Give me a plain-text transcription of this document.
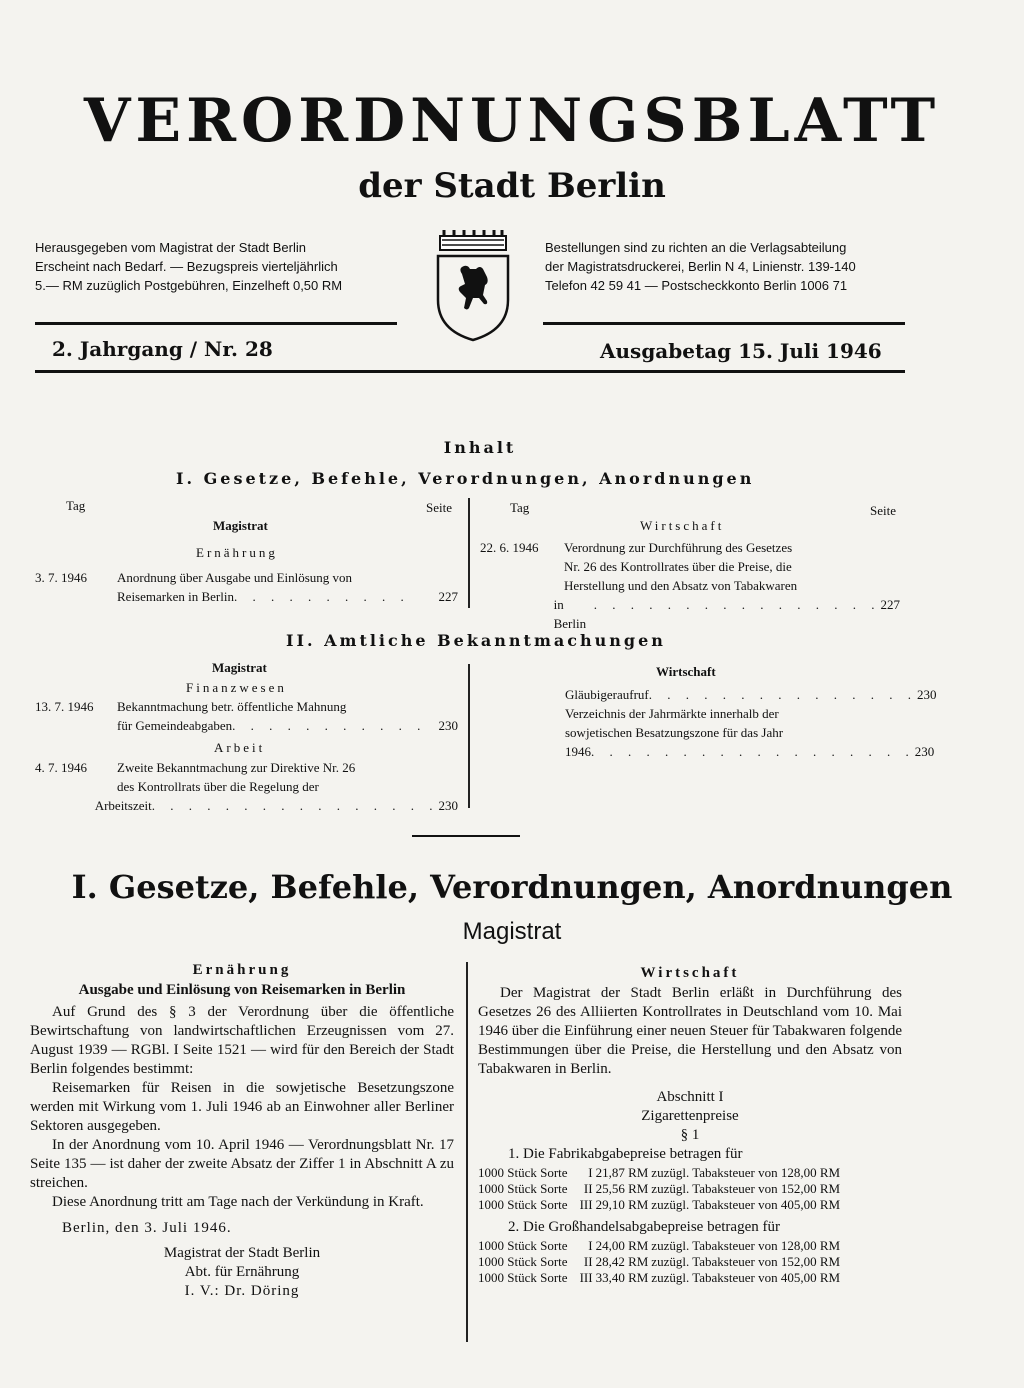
VERORDNUNGSBLATT
der Stadt Berlin
Herausgegeben vom Magistrat der Stadt Berlin
Erscheint nach Bedarf. — Bezugspreis vierteljährlich
5.— RM zuzüglich Postgebühren, Einzelheft 0,50 RM
Bestellungen sind zu richten an die Verlagsabteilung
der Magistratsdruckerei, Berlin N 4, Linienstr. 139-140
Telefon 42 59 41 — Postscheckkonto Berlin 1006 71
2. Jahrgang / Nr. 28	Ausgabetag 15. Juli 1946
Inhalt
I. Gesetze, Befehle, Verordnungen, Anordnungen
Tag	Seite	Tag	Seite
Magistrat
Ernährung
3. 7. 1946	Anordnung über Ausgabe und Einlösung von
Reisemarken in Berlin . . . . . . . . . .	227
Wirtschaft
22. 6. 1946	Verordnung zur Durchführung des Gesetzes
Nr. 26 des Kontrollrates über die Preise, die
Herstellung und den Absatz von Tabakwaren
in Berlin
. . . . . . . . . . . . . . . . 227
II. Amtliche Bekanntmachungen
Magistrat
Finanzwesen
13. 7. 1946	Bekanntmachung betr. öffentliche Mahnung
für Gemeindeabgaben . . . . . . . . . . . 230
Arbeit
4. 7. 1946	Zweite Bekanntmachung zur Direktive Nr. 26
des Kontrollrats über die Regelung der
Arbeitszeit . . . . . . . . . . . . . . . . 230
Wirtschaft
Gläubigeraufruf . . . . . . . . . . . . . . . 230
Verzeichnis der Jahrmärkte innerhalb der
sowjetischen Besatzungszone für das Jahr
1946 . . . . . . . . . . . . . . . . . . 230
I. Gesetze, Befehle, Verordnungen, Anordnungen
Magistrat
Ernährung
Ausgabe und Einlösung von Reisemarken in Berlin

Auf Grund des § 3 der Verordnung über die öffentliche Bewirtschaftung von landwirtschaftlichen Erzeugnissen vom 27. August 1939 — RGBl. I Seite 1521 — wird für den Bereich der Stadt Berlin folgendes bestimmt:

Reisemarken für Reisen in die sowjetische Besetzungszone werden mit Wirkung vom 1. Juli 1946 ab an Einwohner aller Berliner Sektoren ausgegeben.

In der Anordnung vom 10. April 1946 — Verordnungsblatt Nr. 17 Seite 135 — ist daher der zweite Absatz der Ziffer 1 in Abschnitt A zu streichen.

Diese Anordnung tritt am Tage nach der Verkündung in Kraft.

Berlin, den 3. Juli 1946.
Magistrat der Stadt Berlin
Abt. für Ernährung
I. V.: Dr. Döring
Wirtschaft

Der Magistrat der Stadt Berlin erläßt in Durchführung des Gesetzes 26 des Alliierten Kontrollrates in Deutschland vom 10. Mai 1946 über die Einführung einer neuen Steuer für Tabakwaren folgende Bestimmungen über die Preise, die Herstellung und den Absatz von Tabakwaren in Berlin.

Abschnitt I
Zigarettenpreise
§ 1
1. Die Fabrikabgabepreise betragen für
1000 Stück Sorte	I	21,87 RM	zuzügl. Tabaksteuer von 128,00 RM
1000 Stück Sorte	II	25,56 RM	zuzügl. Tabaksteuer von 152,00 RM
1000 Stück Sorte	III	29,10 RM	zuzügl. Tabaksteuer von 405,00 RM
2. Die Großhandelsabgabepreise betragen für
1000 Stück Sorte	I	24,00 RM	zuzügl. Tabaksteuer von 128,00 RM
1000 Stück Sorte	II	28,42 RM	zuzügl. Tabaksteuer von 152,00 RM
1000 Stück Sorte	III	33,40 RM	zuzügl. Tabaksteuer von 405,00 RM
